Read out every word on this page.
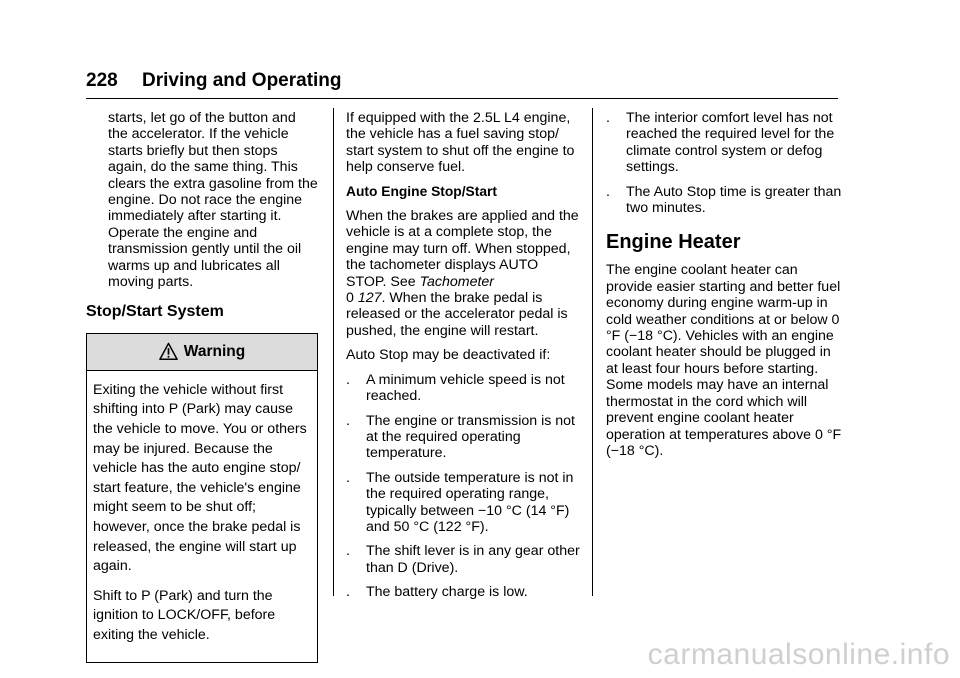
228 Driving and Operating

starts, let go of the button and the accelerator. If the vehicle starts briefly but then stops again, do the same thing. This clears the extra gasoline from the engine. Do not race the engine immediately after starting it. Operate the engine and transmission gently until the oil warms up and lubricates all moving parts.

Stop/Start System
Warning

Exiting the vehicle without first shifting into P (Park) may cause the vehicle to move. You or others may be injured. Because the vehicle has the auto engine stop/ start feature, the vehicle's engine might seem to be shut off; however, once the brake pedal is released, the engine will start up again.

Shift to P (Park) and turn the ignition to LOCK/OFF, before exiting the vehicle.

If equipped with the 2.5L L4 engine, the vehicle has a fuel saving stop/ start system to shut off the engine to help conserve fuel.

Auto Engine Stop/Start

When the brakes are applied and the vehicle is at a complete stop, the engine may turn off. When stopped, the tachometer displays AUTO STOP. See Tachometer
0 127. When the brake pedal is released or the accelerator pedal is pushed, the engine will restart.

Auto Stop may be deactivated if:

.	A minimum vehicle speed is not reached.
.	The engine or transmission is not at the required operating temperature.
.	The outside temperature is not in the required operating range, typically between −10 °C (14 °F) and 50 °C (122 °F).
.	The shift lever is in any gear other than D (Drive).
.	The battery charge is low.
.	The interior comfort level has not reached the required level for the climate control system or defog settings.
.	The Auto Stop time is greater than two minutes.
Engine Heater

The engine coolant heater can provide easier starting and better fuel economy during engine warm-up in cold weather conditions at or below 0 °F (−18 °C). Vehicles with an engine coolant heater should be plugged in at least four hours before starting. Some models may have an internal thermostat in the cord which will prevent engine coolant heater operation at temperatures above 0 °F (−18 °C).

carmanualsonline.info
